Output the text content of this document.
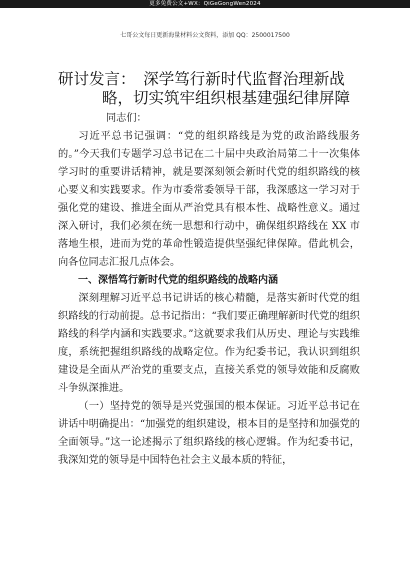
更多免费公文+WX：QiGeGongWen2024
七哥公文每日更新海量材料公文资料，添加 QQ：2500017500
研讨发言：　深学笃行新时代监督治理新战
略，切实筑牢组织根基建强纪律屏障

同志们：

习近平总书记强调：“党的组织路线是为党的政治路线服务的。”今天我们专题学习总书记在二十届中央政治局第二十一次集体学习时的重要讲话精神，就是要深刻领会新时代党的组织路线的核心要义和实践要求。作为市委常委领导干部，我深感这一学习对于强化党的建设、推进全面从严治党具有根本性、战略性意义。通过深入研讨，我们必须在统一思想和行动中，确保组织路线在 XX 市落地生根，进而为党的革命性锻造提供坚强纪律保障。借此机会，向各位同志汇报几点体会。

一、深悟笃行新时代党的组织路线的战略内涵

深刻理解习近平总书记讲话的核心精髓，是落实新时代党的组织路线的行动前提。总书记指出：“我们要正确理解新时代党的组织路线的科学内涵和实践要求。”这就要求我们从历史、理论与实践维度，系统把握组织路线的战略定位。作为纪委书记，我认识到组织建设是全面从严治党的重要支点，直接关系党的领导效能和反腐败斗争纵深推进。

（一）坚持党的领导是兴党强国的根本保证。习近平总书记在讲话中明确提出：“加强党的组织建设，根本目的是坚持和加强党的全面领导。”这一论述揭示了组织路线的核心逻辑。作为纪委书记，我深知党的领导是中国特色社会主义最本质的特征，
